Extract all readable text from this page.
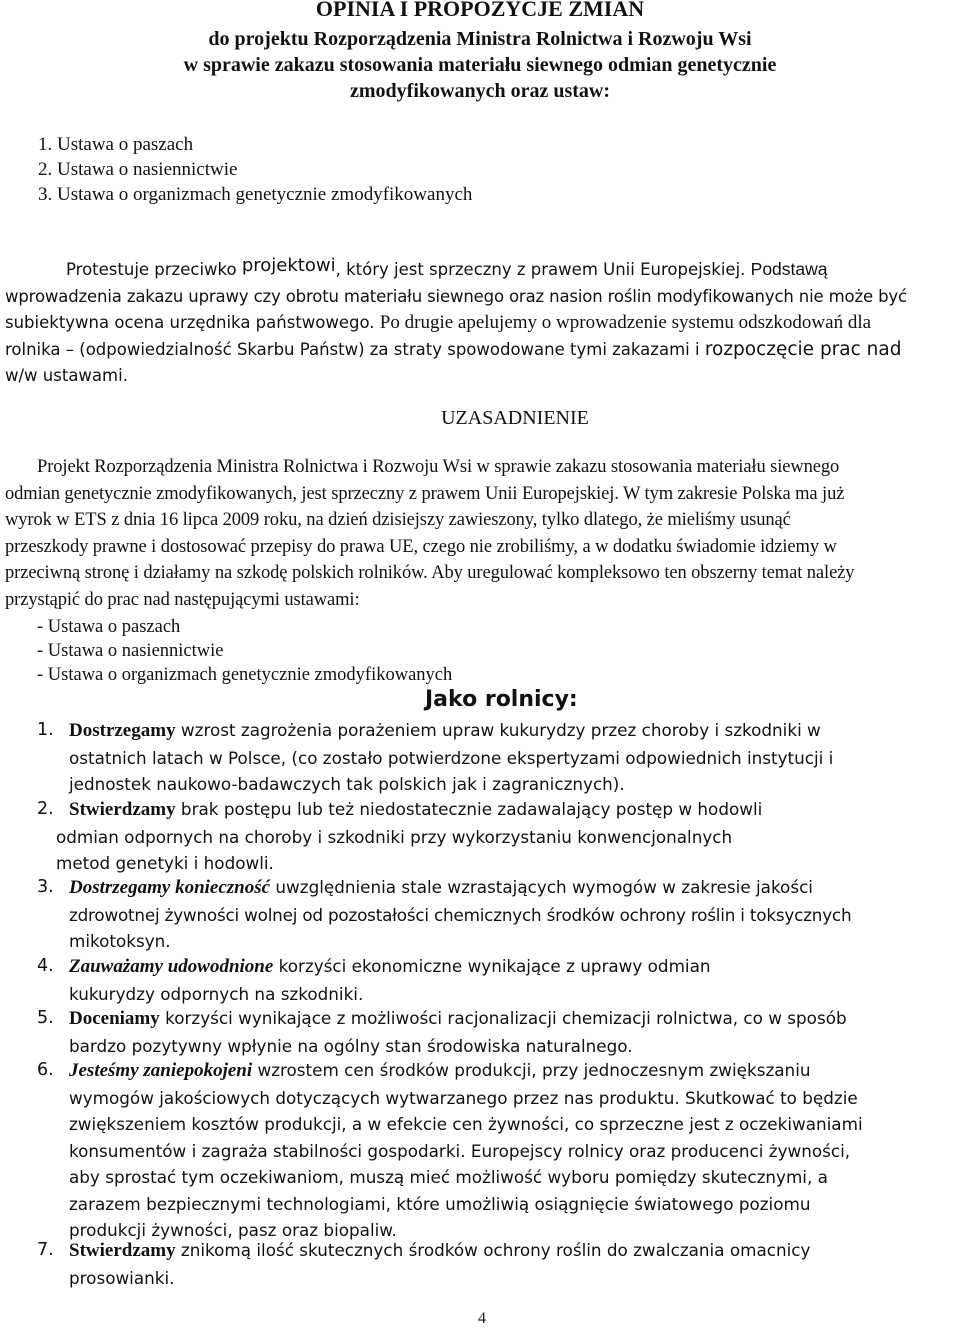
OPINIA I PROPOZYCJE ZMIAN
do projektu Rozporządzenia Ministra Rolnictwa i Rozwoju Wsi
w sprawie zakazu stosowania materiału siewnego odmian genetycznie
zmodyfikowanych oraz ustaw:
1. Ustawa o paszach
2. Ustawa o nasiennictwie
3. Ustawa o organizmach genetycznie zmodyfikowanych
Protestuje przeciwko projektowi, który jest sprzeczny z prawem Unii Europejskiej. Podstawą
wprowadzenia zakazu uprawy czy obrotu materiału siewnego oraz nasion roślin modyfikowanych nie może być
subiektywna ocena urzędnika państwowego. Po drugie apelujemy o wprowadzenie systemu odszkodowań dla
rolnika – (odpowiedzialność Skarbu Państw) za straty spowodowane tymi zakazami i rozpoczęcie prac nad
w/w ustawami.
UZASADNIENIE
Projekt Rozporządzenia Ministra Rolnictwa i Rozwoju Wsi w sprawie zakazu stosowania materiału siewnego
odmian genetycznie zmodyfikowanych, jest sprzeczny z prawem Unii Europejskiej. W tym zakresie Polska ma już
wyrok w ETS z dnia 16 lipca 2009 roku, na dzień dzisiejszy zawieszony, tylko dlatego, że mieliśmy usunąć
przeszkody prawne i dostosować przepisy do prawa UE, czego nie zrobiliśmy, a w dodatku świadomie idziemy w
przeciwną stronę i działamy na szkodę polskich rolników. Aby uregulować kompleksowo ten obszerny temat należy
przystąpić do prac nad następującymi ustawami:
- Ustawa o paszach
- Ustawa o nasiennictwie
- Ustawa o organizmach genetycznie zmodyfikowanych
Jako rolnicy:
1. Dostrzegamy wzrost zagrożenia porażeniem upraw kukurydzy przez choroby i szkodniki w
ostatnich latach w Polsce, (co zostało potwierdzone ekspertyzami odpowiednich instytucji i
jednostek naukowo-badawczych tak polskich jak i zagranicznych).
2. Stwierdzamy brak postępu lub też niedostatecznie zadawalający postęp w hodowli
odmian odpornych na choroby i szkodniki przy wykorzystaniu konwencjonalnych
metod genetyki i hodowli.
3. Dostrzegamy konieczność uwzględnienia stale wzrastających wymogów w zakresie jakości
zdrowotnej żywności wolnej od pozostałości chemicznych środków ochrony roślin i toksycznych
mikotoksyn.
4. Zauważamy udowodnione korzyści ekonomiczne wynikające z uprawy odmian
kukurydzy odpornych na szkodniki.
5. Doceniamy korzyści wynikające z możliwości racjonalizacji chemizacji rolnictwa, co w sposób
bardzo pozytywny wpłynie na ogólny stan środowiska naturalnego.
6. Jesteśmy zaniepokojeni wzrostem cen środków produkcji, przy jednoczesnym zwiększaniu
wymogów jakościowych dotyczących wytwarzanego przez nas produktu. Skutkować to będzie
zwiększeniem kosztów produkcji, a w efekcie cen żywności, co sprzeczne jest z oczekiwaniami
konsumentów i zagraża stabilności gospodarki. Europejscy rolnicy oraz producenci żywności,
aby sprostać tym oczekiwaniom, muszą mieć możliwość wyboru pomiędzy skutecznymi, a
zarazem bezpiecznymi technologiami, które umożliwią osiągnięcie światowego poziomu
produkcji żywności, pasz oraz biopaliw.
7. Stwierdzamy znikomą ilość skutecznych środków ochrony roślin do zwalczania omacnicy
prosowianki.
4
